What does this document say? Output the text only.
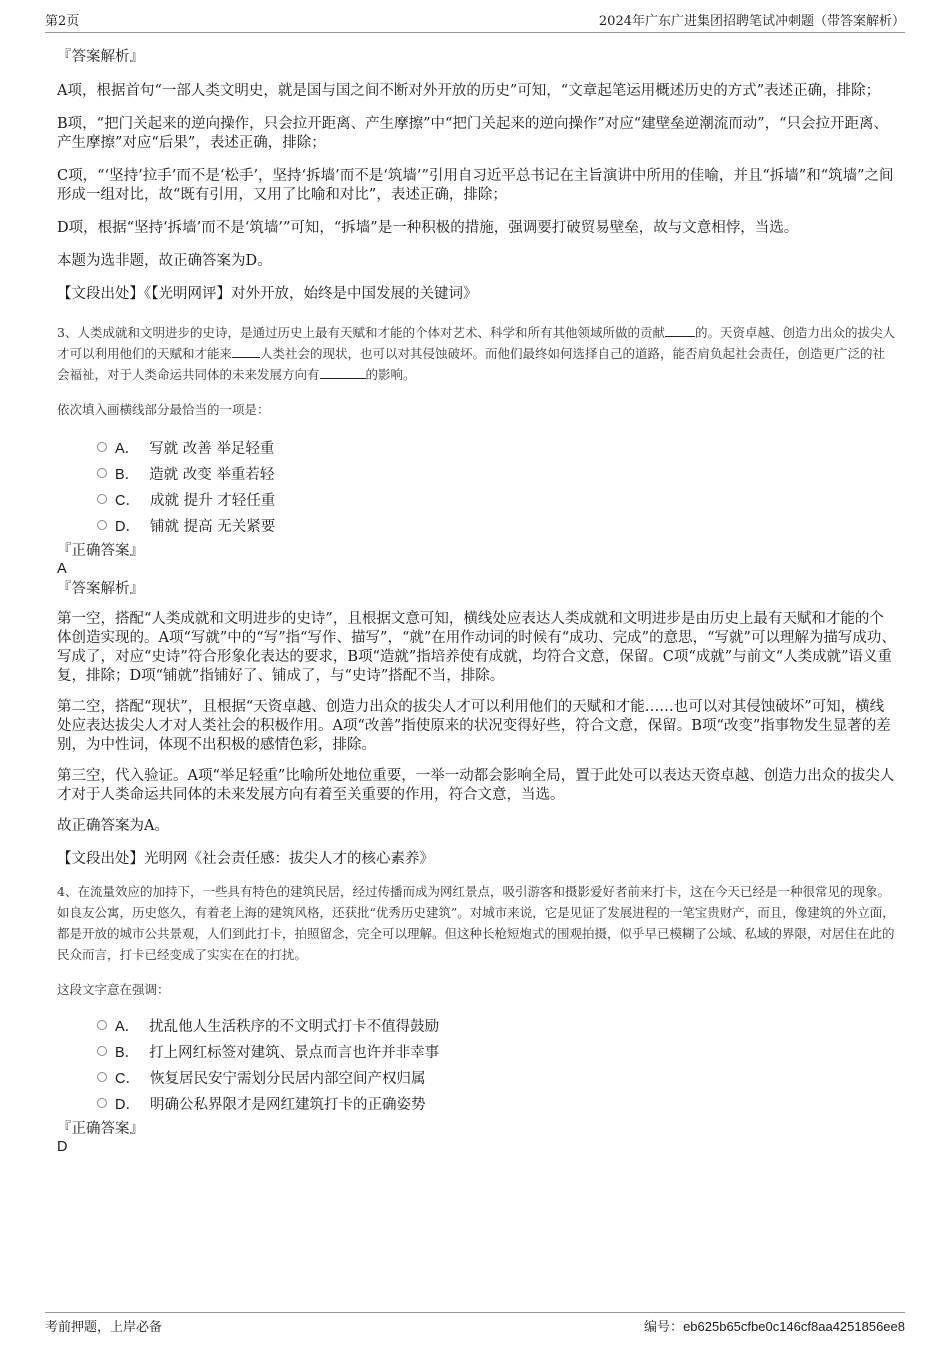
第2页	2024年广东广进集团招聘笔试冲刺题（带答案解析）

『答案解析』

A项，根据首句“一部人类文明史，就是国与国之间不断对外开放的历史”可知，“文章起笔运用概述历史的方式”表述正确，排除；

B项，“把门关起来的逆向操作，只会拉开距离、产生摩擦”中“把门关起来的逆向操作”对应“建壁垒逆潮流而动”，“只会拉开距离、产生摩擦”对应“后果”，表述正确，排除；

C项，“‘坚持’拉手’而不是‘松手’，坚持‘拆墙’而不是‘筑墙’”引用自习近平总书记在主旨演讲中所用的佳喻，并且“拆墙”和“筑墙”之间形成一组对比，故“既有引用，又用了比喻和对比”，表述正确，排除；

D项，根据“坚持‘拆墙’而不是‘筑墙’”可知，“拆墙”是一种积极的措施，强调要打破贸易壁垒，故与文意相悖，当选。

本题为选非题，故正确答案为D。

【文段出处】《【光明网评】对外开放，始终是中国发展的关键词》

3、人类成就和文明进步的史诗，是通过历史上最有天赋和才能的个体对艺术、科学和所有其他领域所做的贡献 的。天资卓越、创造力出众的拔尖人才可以利用他们的天赋和才能来 人类社会的现状，也可以对其侵蚀破坏。而他们最终如何选择自己的道路，能否肩负起社会责任，创造更广泛的社会福祉，对于人类命运共同体的未来发展方向有	的影响。

依次填入画横线部分最恰当的一项是：

A． 写就 改善 举足轻重
B． 造就 改变 举重若轻
C． 成就 提升 才轻任重
D． 铺就 提高 无关紧要

『正确答案』

A

『答案解析』

第一空，搭配“人类成就和文明进步的史诗”，且根据文意可知，横线处应表达人类成就和文明进步是由历史上最有天赋和才能的个体创造实现的。A项“写就”中的“写”指“写作、描写”，“就”在用作动词的时候有“成功、完成”的意思，“写就”可以理解为描写成功、写成了，对应“史诗”符合形象化表达的要求，B项“造就”指培养使有成就，均符合文意，保留。C项“成就”与前文“人类成就”语义重复，排除；D项“铺就”指铺好了、铺成了，与“史诗”搭配不当，排除。

第二空，搭配“现状”，且根据“天资卓越、创造力出众的拔尖人才可以利用他们的天赋和才能……也可以对其侵蚀破坏”可知，横线处应表达拔尖人才对人类社会的积极作用。A项“改善”指使原来的状况变得好些，符合文意，保留。B项“改变”指事物发生显著的差别，为中性词，体现不出积极的感情色彩，排除。

第三空，代入验证。A项“举足轻重”比喻所处地位重要，一举一动都会影响全局，置于此处可以表达天资卓越、创造力出众的拔尖人才对于人类命运共同体的未来发展方向有着至关重要的作用，符合文意，当选。

故正确答案为A。

【文段出处】光明网《社会责任感：拔尖人才的核心素养》

4、在流量效应的加持下，一些具有特色的建筑民居，经过传播而成为网红景点，吸引游客和摄影爱好者前来打卡，这在今天已经是一种很常见的现象。如良友公寓，历史悠久，有着老上海的建筑风格，还获批“优秀历史建筑”。对城市来说，它是见证了发展进程的一笔宝贵财产，而且，像建筑的外立面，都是开放的城市公共景观，人们到此打卡，拍照留念，完全可以理解。但这种长枪短炮式的围观拍摄，似乎早已模糊了公域、私域的界限，对居住在此的民众而言，打卡已经变成了实实在在的打扰。

这段文字意在强调：

A． 扰乱他人生活秩序的不文明式打卡不值得鼓励
B． 打上网红标签对建筑、景点而言也许并非幸事
C． 恢复居民安宁需划分民居内部空间产权归属
D． 明确公私界限才是网红建筑打卡的正确姿势

『正确答案』

D

考前押题，上岸必备	编号：eb625b65cfbe0c146cf8aa4251856ee8
